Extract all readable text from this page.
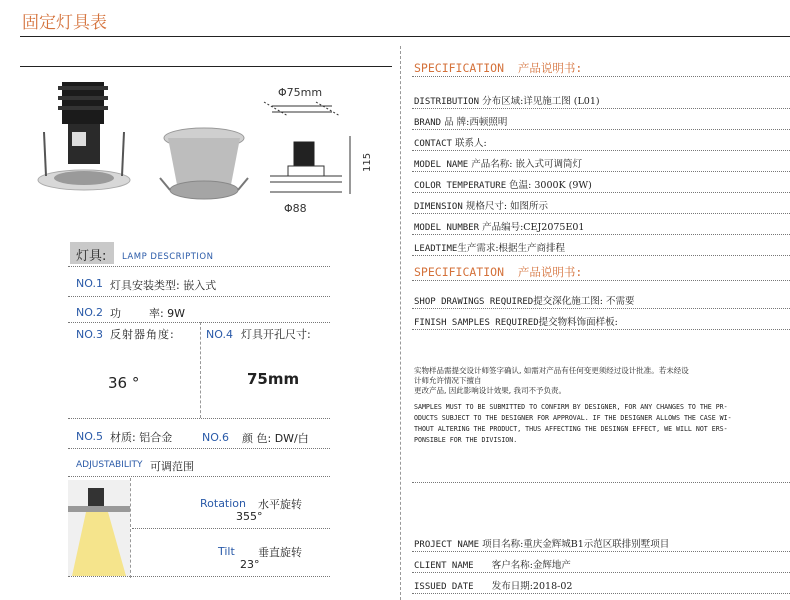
固定灯具表
Φ75mm
Φ88
115
灯具: LAMP DESCRIPTION
NO.1 灯具安装类型: 嵌入式
NO.2 功        率: 9W
NO.3 反射器角度:
36 °
NO.4 灯具开孔尺寸:
75mm
NO.5 材质: 铝合金	NO.6 颜 色: DW/白
ADJUSTABILITY 可调范围
Rotation 水平旋转
355°
Tilt 垂直旋转
23°
SPECIFICATION 产品说明书:
DISTRIBUTION 分布区域:详见施工图 (L01)
BRAND 品 牌:西顿照明
CONTACT 联系人:
MODEL NAME 产品名称: 嵌入式可调筒灯
COLOR TEMPERATURE 色温: 3000K (9W)
DIMENSION 规格尺寸: 如图所示
MODEL NUMBER 产品编号:CEJ2075E01
LEADTIME生产需求:根据生产商排程
SPECIFICATION 产品说明书:
SHOP DRAWINGS REQUIRED提交深化施工图: 不需要
FINISH SAMPLES REQUIRED提交物料饰面样板:
实物样品需提交设计师签字确认, 如需对产品有任何变更须经过设计批准。若未经设
计师允许情况下擅自
更改产品, 因此影响设计效果, 我司不予负责。
SAMPLES MUST TO BE SUBMITTED TO CONFIRM BY DESIGNER, FOR ANY CHANGES TO THE PR-
ODUCTS SUBJECT TO THE DESIGNER FOR APPROVAL. IF THE DESIGNER ALLOWS THE CASE WI-
THOUT ALTERING THE PRODUCT, THUS AFFECTING THE DESINGN EFFECT, WE WILL NOT ERS-
PONSIBLE FOR THE DIVISION.
PROJECT NAME 项目名称:重庆金辉城B1示范区联排别墅项目
CLIENT NAME 客户名称:金辉地产
ISSUED DATE 发布日期:2018-02
